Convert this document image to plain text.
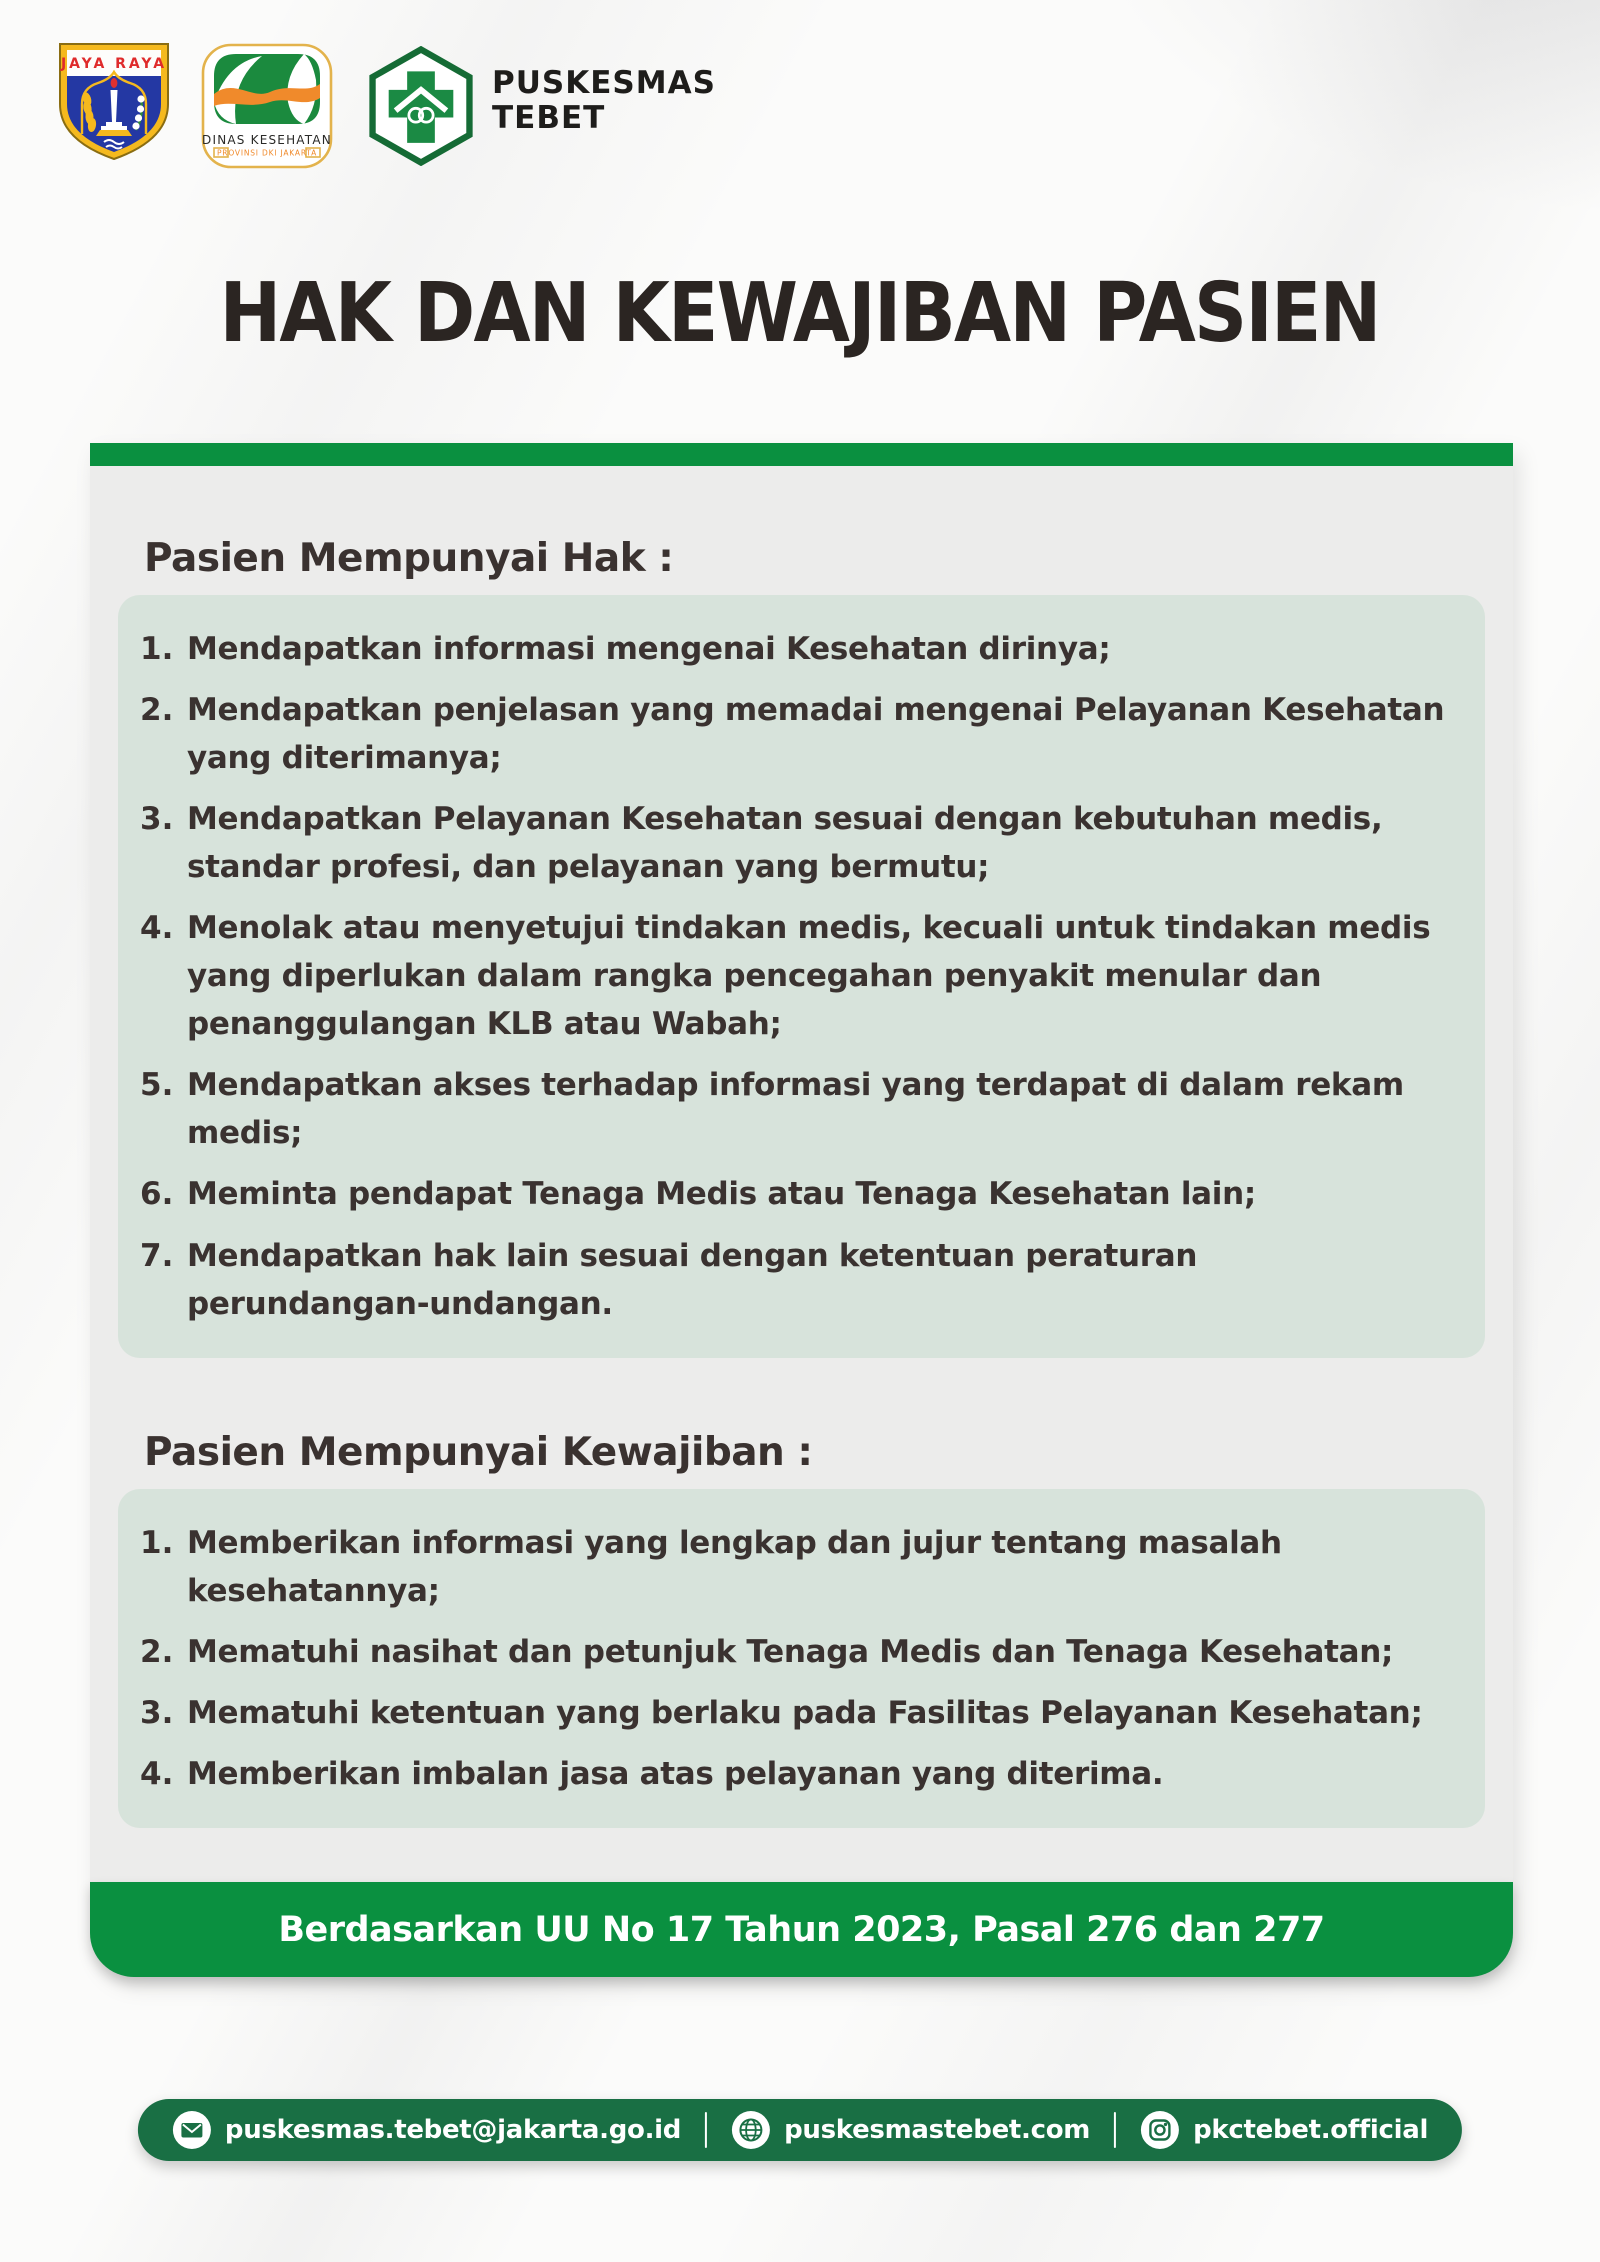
JAYA RAYA
DINAS KESEHATAN
PROVINSI DKI JAKARTA
PUSKESMAS
TEBET
HAK DAN KEWAJIBAN PASIEN
Pasien Mempunyai Hak :
1. Mendapatkan informasi mengenai Kesehatan dirinya;
2. Mendapatkan penjelasan yang memadai mengenai Pelayanan Kesehatan yang diterimanya;
3. Mendapatkan Pelayanan Kesehatan sesuai dengan kebutuhan medis, standar profesi, dan pelayanan yang bermutu;
4. Menolak atau menyetujui tindakan medis, kecuali untuk tindakan medis yang diperlukan dalam rangka pencegahan penyakit menular dan penanggulangan KLB atau Wabah;
5. Mendapatkan akses terhadap informasi yang terdapat di dalam rekam medis;
6. Meminta pendapat Tenaga Medis atau Tenaga Kesehatan lain;
7. Mendapatkan hak lain sesuai dengan ketentuan peraturan perundangan-undangan.
Pasien Mempunyai Kewajiban :
1. Memberikan informasi yang lengkap dan jujur tentang masalah kesehatannya;
2. Mematuhi nasihat dan petunjuk Tenaga Medis dan Tenaga Kesehatan;
3. Mematuhi ketentuan yang berlaku pada Fasilitas Pelayanan Kesehatan;
4. Memberikan imbalan jasa atas pelayanan yang diterima.
Berdasarkan UU No 17 Tahun 2023, Pasal 276 dan 277
puskesmas.tebet@jakarta.go.id	puskesmastebet.com	pkctebet.official
